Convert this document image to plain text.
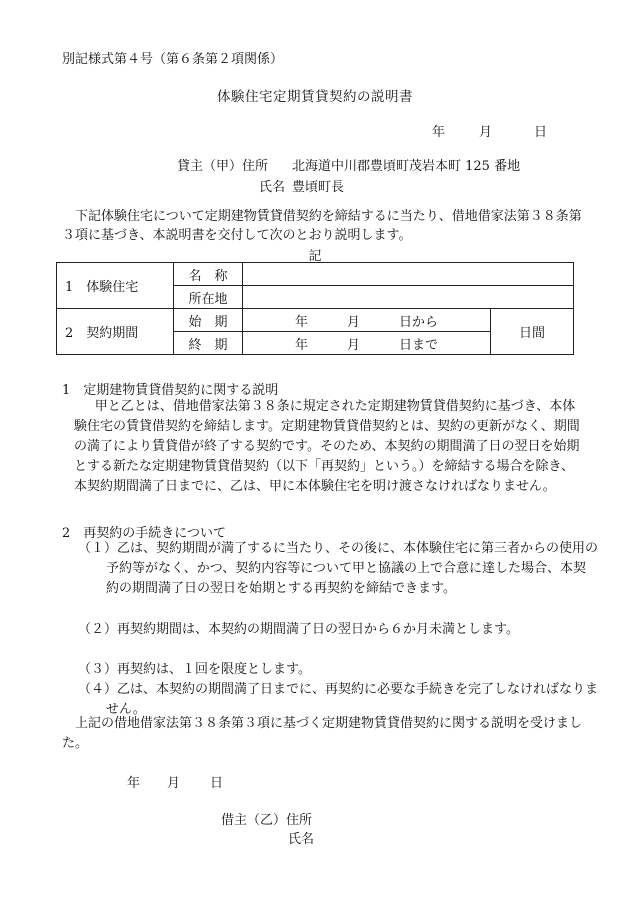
別記様式第４号（第６条第２項関係）
体験住宅定期賃貸契約の説明書
年	月	日
貸主（甲）住所 北海道中川郡豊頃町茂岩本町 125 番地
氏名 豊頃町長
下記体験住宅について定期建物賃貸借契約を締結するに当たり、借地借家法第３８条第３項に基づき、本説明書を交付して次のとおり説明します。
記
1　体験住宅	名　称		
	所在地		
2　契約期間	始　期	年　　　月　　　日から	日間
	終　期	年　　　月　　　日まで	
1　定期建物賃貸借契約に関する説明
甲と乙とは、借地借家法第３８条に規定された定期建物賃貸借契約に基づき、本体験住宅の賃貸借契約を締結します。定期建物賃貸借契約とは、契約の更新がなく、期間の満了により賃貸借が終了する契約です。そのため、本契約の期間満了日の翌日を始期とする新たな定期建物賃貸借契約（以下「再契約」という。）を締結する場合を除き、本契約期間満了日までに、乙は、甲に本体験住宅を明け渡さなければなりません。
2　再契約の手続きについて
（１）乙は、契約期間が満了するに当たり、その後に、本体験住宅に第三者からの使用の予約等がなく、かつ、契約内容等について甲と協議の上で合意に達した場合、本契約の期間満了日の翌日を始期とする再契約を締結できます。
（２）再契約期間は、本契約の期間満了日の翌日から６か月未満とします。
（３）再契約は、１回を限度とします。
（４）乙は、本契約の期間満了日までに、再契約に必要な手続きを完了しなければなりません。
上記の借地借家法第３８条第３項に基づく定期建物賃貸借契約に関する説明を受けました。
年 月 日
借主（乙）住所
氏名
